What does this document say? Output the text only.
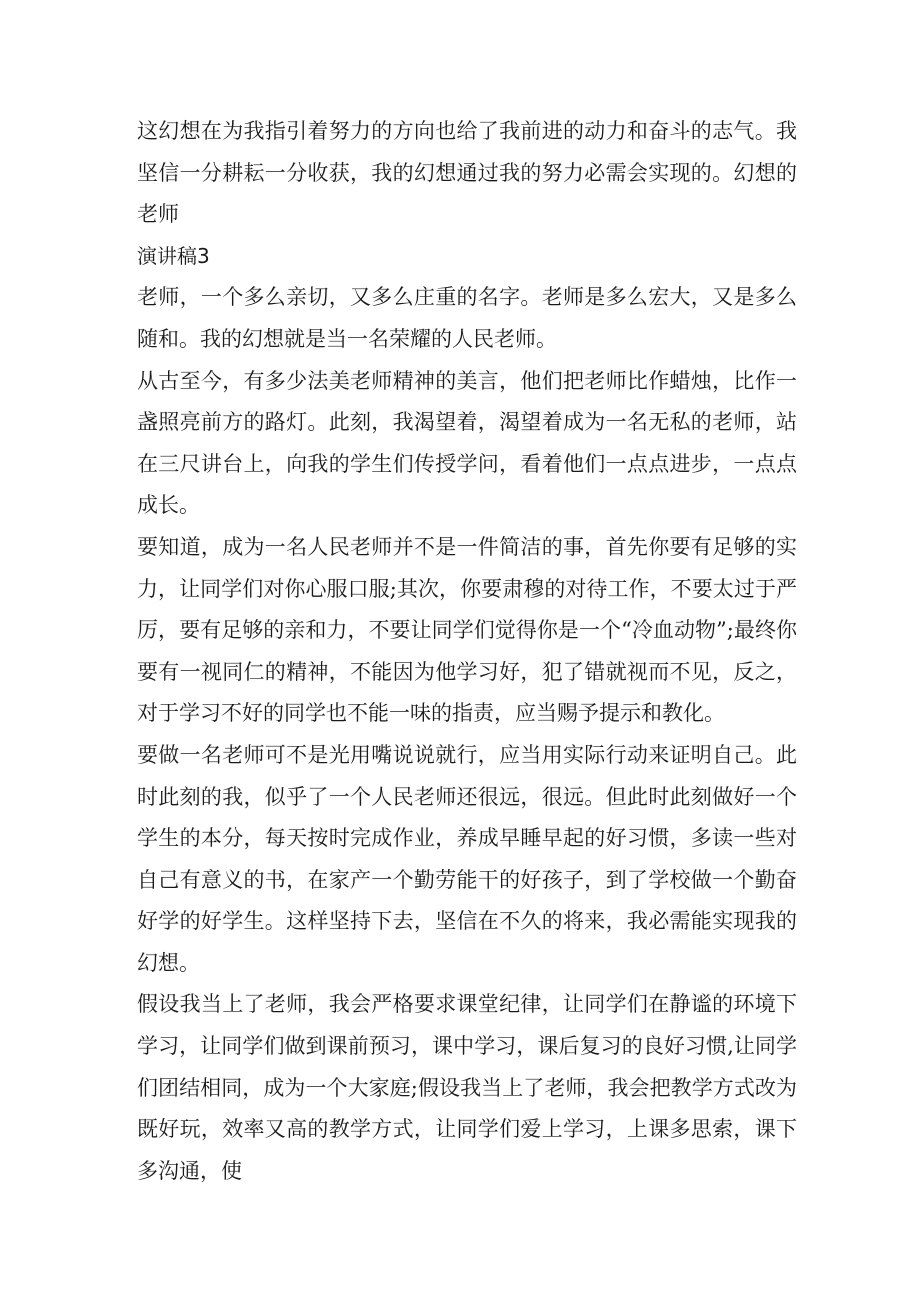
这幻想在为我指引着努力的方向也给了我前进的动力和奋斗的志气。我坚信一分耕耘一分收获，我的幻想通过我的努力必需会实现的。幻想的老师

演讲稿3

老师，一个多么亲切，又多么庄重的名字。老师是多么宏大，又是多么随和。我的幻想就是当一名荣耀的人民老师。

从古至今，有多少法美老师精神的美言，他们把老师比作蜡烛，比作一盏照亮前方的路灯。此刻，我渴望着，渴望着成为一名无私的老师，站在三尺讲台上，向我的学生们传授学问，看着他们一点点进步，一点点成长。

要知道，成为一名人民老师并不是一件简洁的事，首先你要有足够的实力，让同学们对你心服口服;其次，你要肃穆的对待工作，不要太过于严厉，要有足够的亲和力，不要让同学们觉得你是一个“冷血动物”;最终你要有一视同仁的精神，不能因为他学习好，犯了错就视而不见，反之，对于学习不好的同学也不能一味的指责，应当赐予提示和教化。

要做一名老师可不是光用嘴说说就行，应当用实际行动来证明自己。此时此刻的我，似乎了一个人民老师还很远，很远。但此时此刻做好一个学生的本分，每天按时完成作业，养成早睡早起的好习惯，多读一些对自己有意义的书，在家产一个勤劳能干的好孩子，到了学校做一个勤奋好学的好学生。这样坚持下去，坚信在不久的将来，我必需能实现我的幻想。

假设我当上了老师，我会严格要求课堂纪律，让同学们在静谧的环境下学习，让同学们做到课前预习，课中学习，课后复习的良好习惯,让同学们团结相同，成为一个大家庭;假设我当上了老师，我会把教学方式改为既好玩，效率又高的教学方式，让同学们爱上学习，上课多思索，课下多沟通，使
